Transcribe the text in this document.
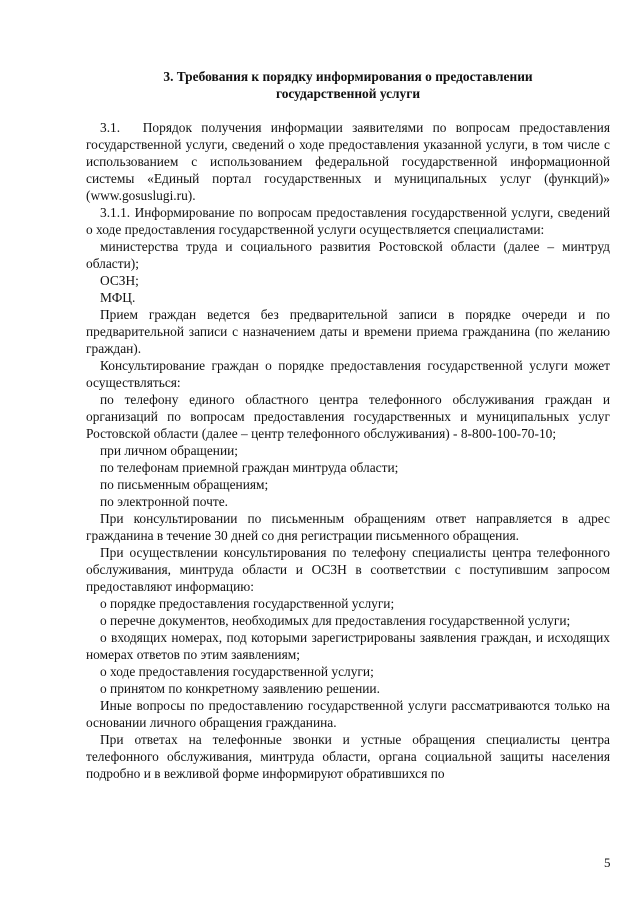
3. Требования к порядку информирования о предоставлении
государственной услуги

3.1.  Порядок получения информации заявителями по вопросам предоставления государственной услуги, сведений о ходе предоставления указанной услуги, в том числе с использованием с использованием федеральной государственной информационной системы «Единый портал государственных и муниципальных услуг (функций)» (www.gosuslugi.ru).

3.1.1. Информирование по вопросам предоставления государственной услуги, сведений о ходе предоставления государственной услуги осуществляется специалистами:

министерства труда и социального развития Ростовской области (далее – минтруд области);

ОСЗН;

МФЦ.

Прием граждан ведется без предварительной записи в порядке очереди и по предварительной записи с назначением даты и времени приема гражданина (по желанию граждан).

Консультирование граждан о порядке предоставления государственной услуги может осуществляться:

по телефону единого областного центра телефонного обслуживания граждан и организаций по вопросам предоставления государственных и муниципальных услуг Ростовской области (далее – центр телефонного обслуживания) - 8-800-100-70-10;

при личном обращении;

по телефонам приемной граждан минтруда области;

по письменным обращениям;

по электронной почте.

При консультировании по письменным обращениям ответ направляется в адрес гражданина в течение 30 дней со дня регистрации письменного обращения.

При осуществлении консультирования по телефону специалисты центра телефонного обслуживания, минтруда области и ОСЗН в соответствии с поступившим запросом предоставляют информацию:

о порядке предоставления государственной услуги;

о перечне документов, необходимых для предоставления государственной услуги;

о входящих номерах, под которыми зарегистрированы заявления граждан, и исходящих номерах ответов по этим заявлениям;

о ходе предоставления государственной услуги;

о принятом по конкретному заявлению решении.

Иные вопросы по предоставлению государственной услуги рассматриваются только на основании личного обращения гражданина.

При ответах на телефонные звонки и устные обращения специалисты центра телефонного обслуживания, минтруда области, органа социальной защиты населения подробно и в вежливой форме информируют обратившихся по

5
